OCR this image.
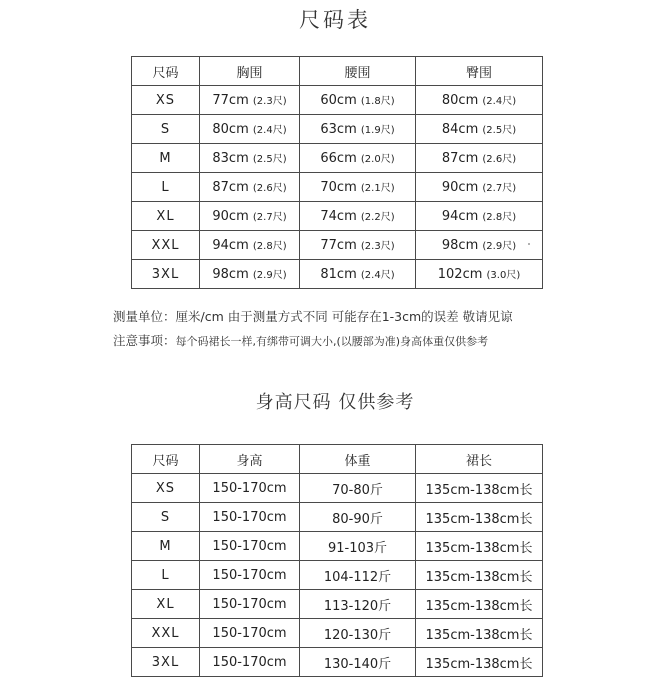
尺码表
尺码	胸围	腰围	臀围
XS	77cm (2.3尺)	60cm (1.8尺)	80cm (2.4尺)
S	80cm (2.4尺)	63cm (1.9尺)	84cm (2.5尺)
M	83cm (2.5尺)	66cm (2.0尺)	87cm (2.6尺)
L	87cm (2.6尺)	70cm (2.1尺)	90cm (2.7尺)
XL	90cm (2.7尺)	74cm (2.2尺)	94cm (2.8尺)
XXL	94cm (2.8尺)	77cm (2.3尺)	98cm (2.9尺)
3XL	98cm (2.9尺)	81cm (2.4尺)	102cm (3.0尺)
测量单位：厘米/cm 由于测量方式不同 可能存在1-3cm的误差 敬请见谅
注意事项：每个码裙长一样,有绑带可调大小,(以腰部为准)身高体重仅供参考
身高尺码 仅供参考
尺码	身高	体重	裙长
XS	150-170cm	70-80斤	135cm-138cm长
S	150-170cm	80-90斤	135cm-138cm长
M	150-170cm	91-103斤	135cm-138cm长
L	150-170cm	104-112斤	135cm-138cm长
XL	150-170cm	113-120斤	135cm-138cm长
XXL	150-170cm	120-130斤	135cm-138cm长
3XL	150-170cm	130-140斤	135cm-138cm长
